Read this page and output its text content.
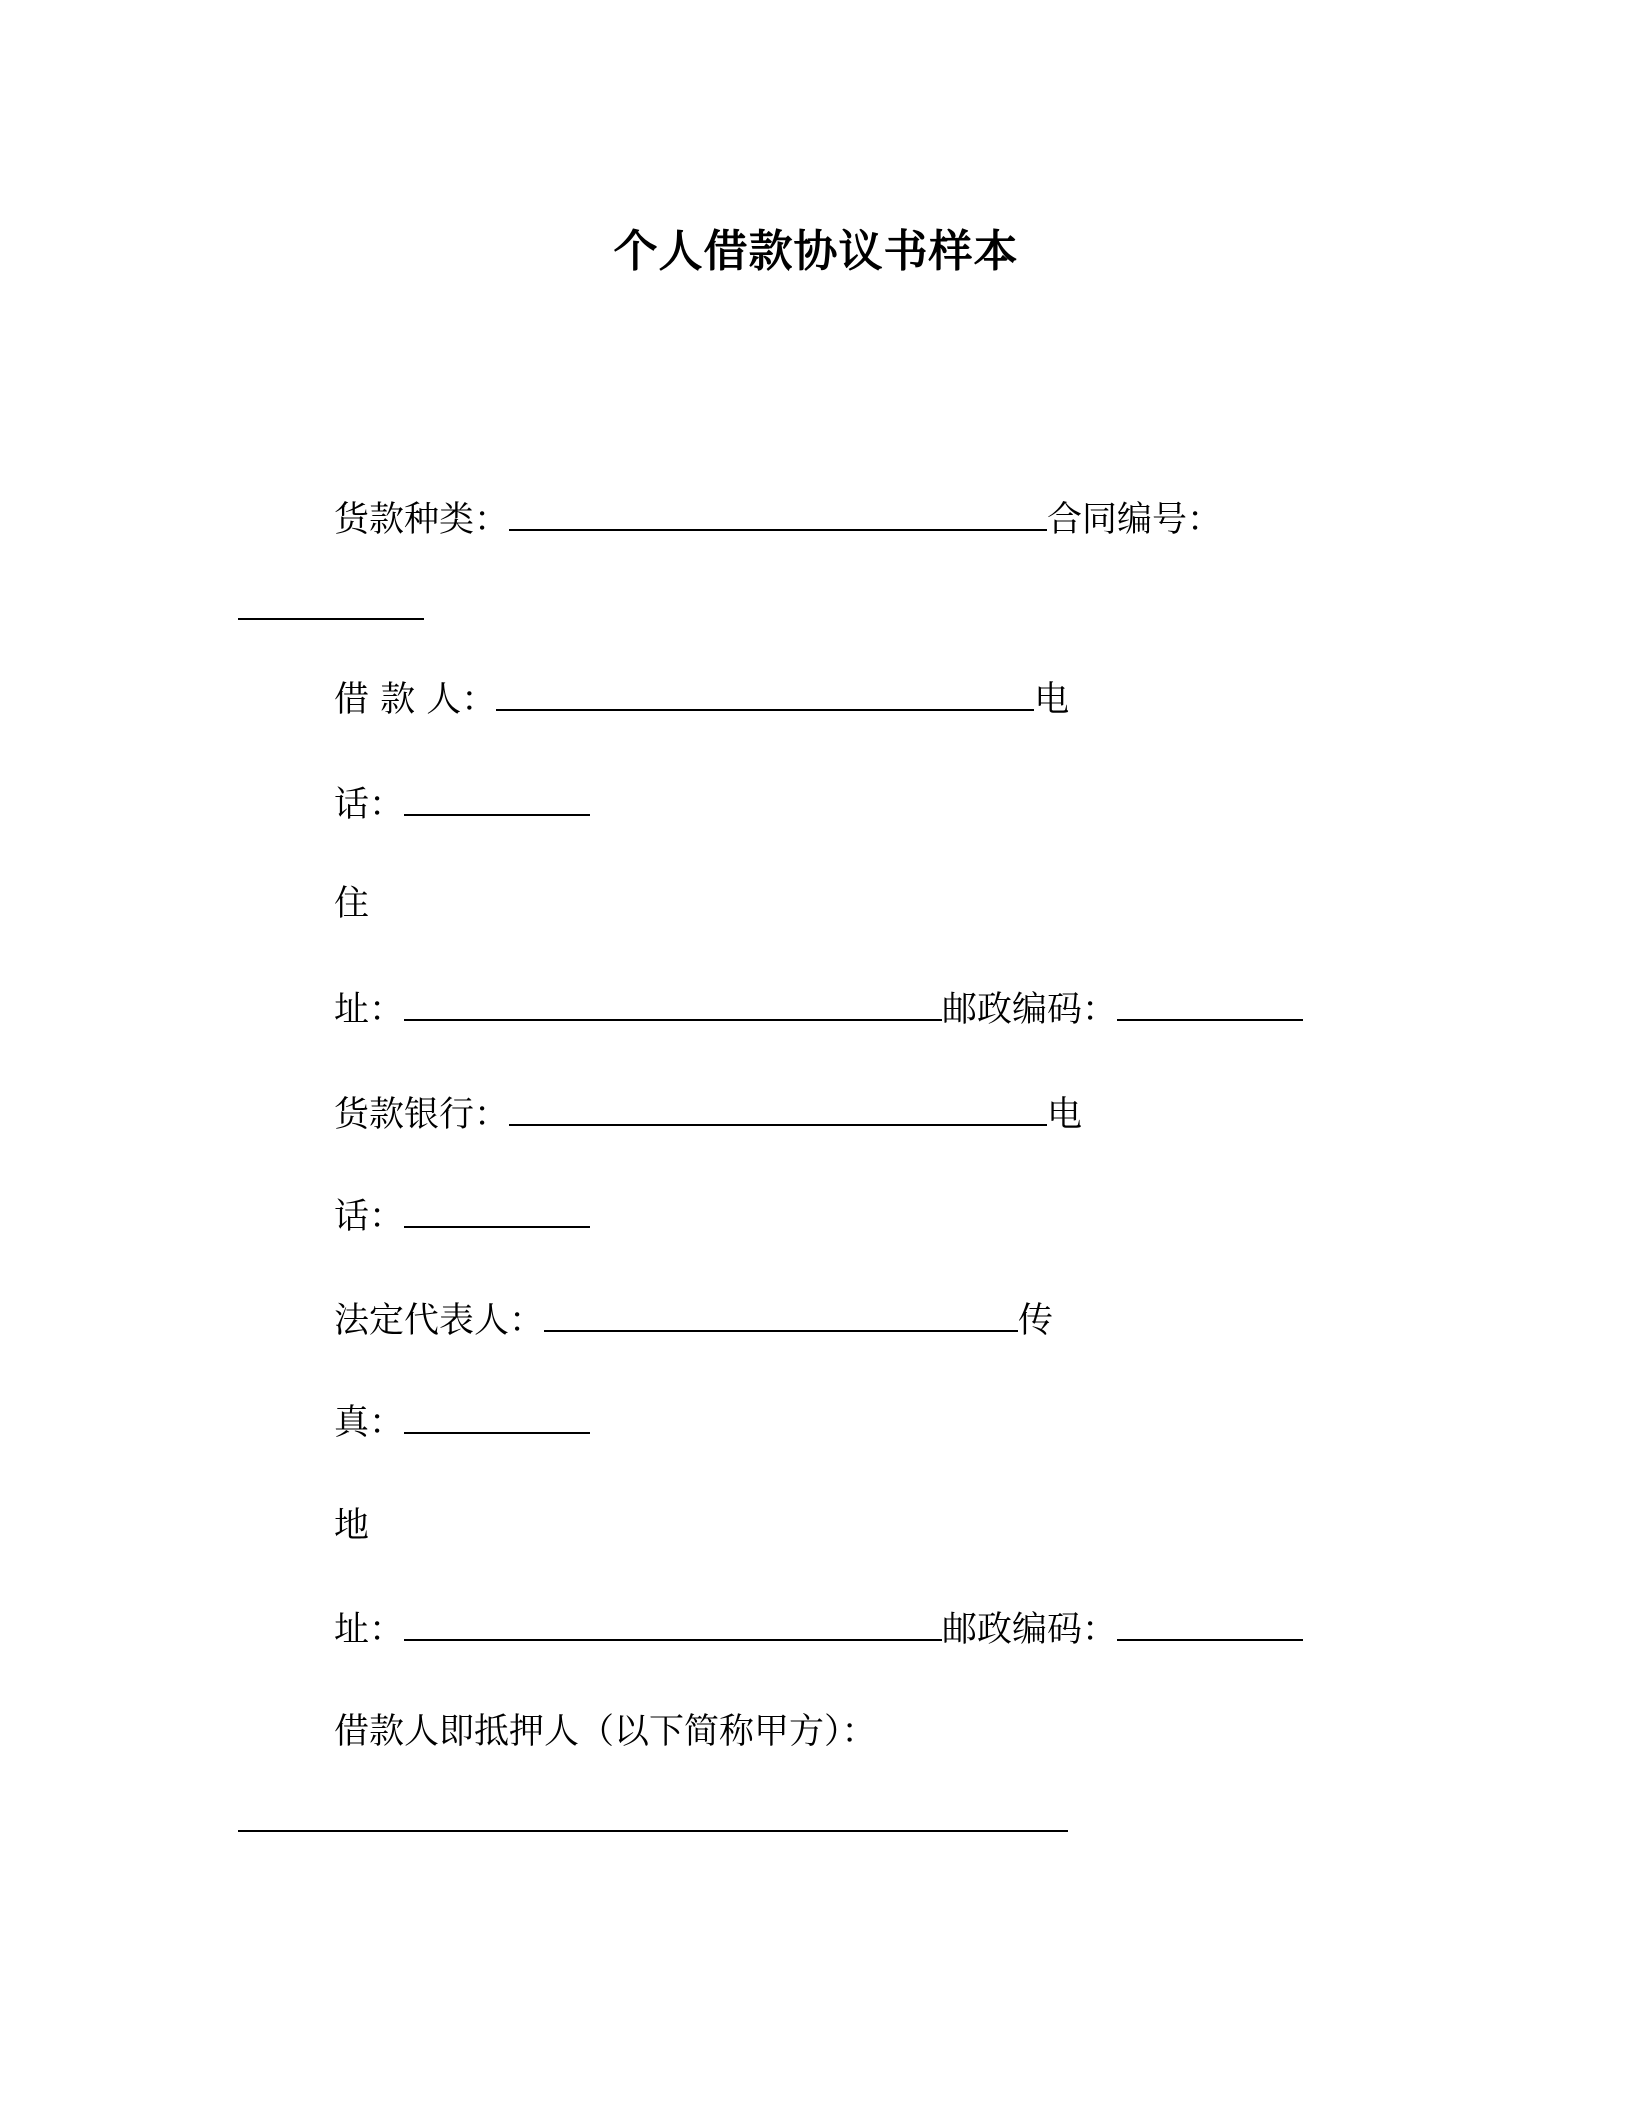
个人借款协议书样本
货款种类：	合同编号：
借 款 人：	电
话：
住
址：	邮政编码：
货款银行：	电
话：
法定代表人：	传
真：
地
址：	邮政编码：
借款人即抵押人（以下简称甲方）：
